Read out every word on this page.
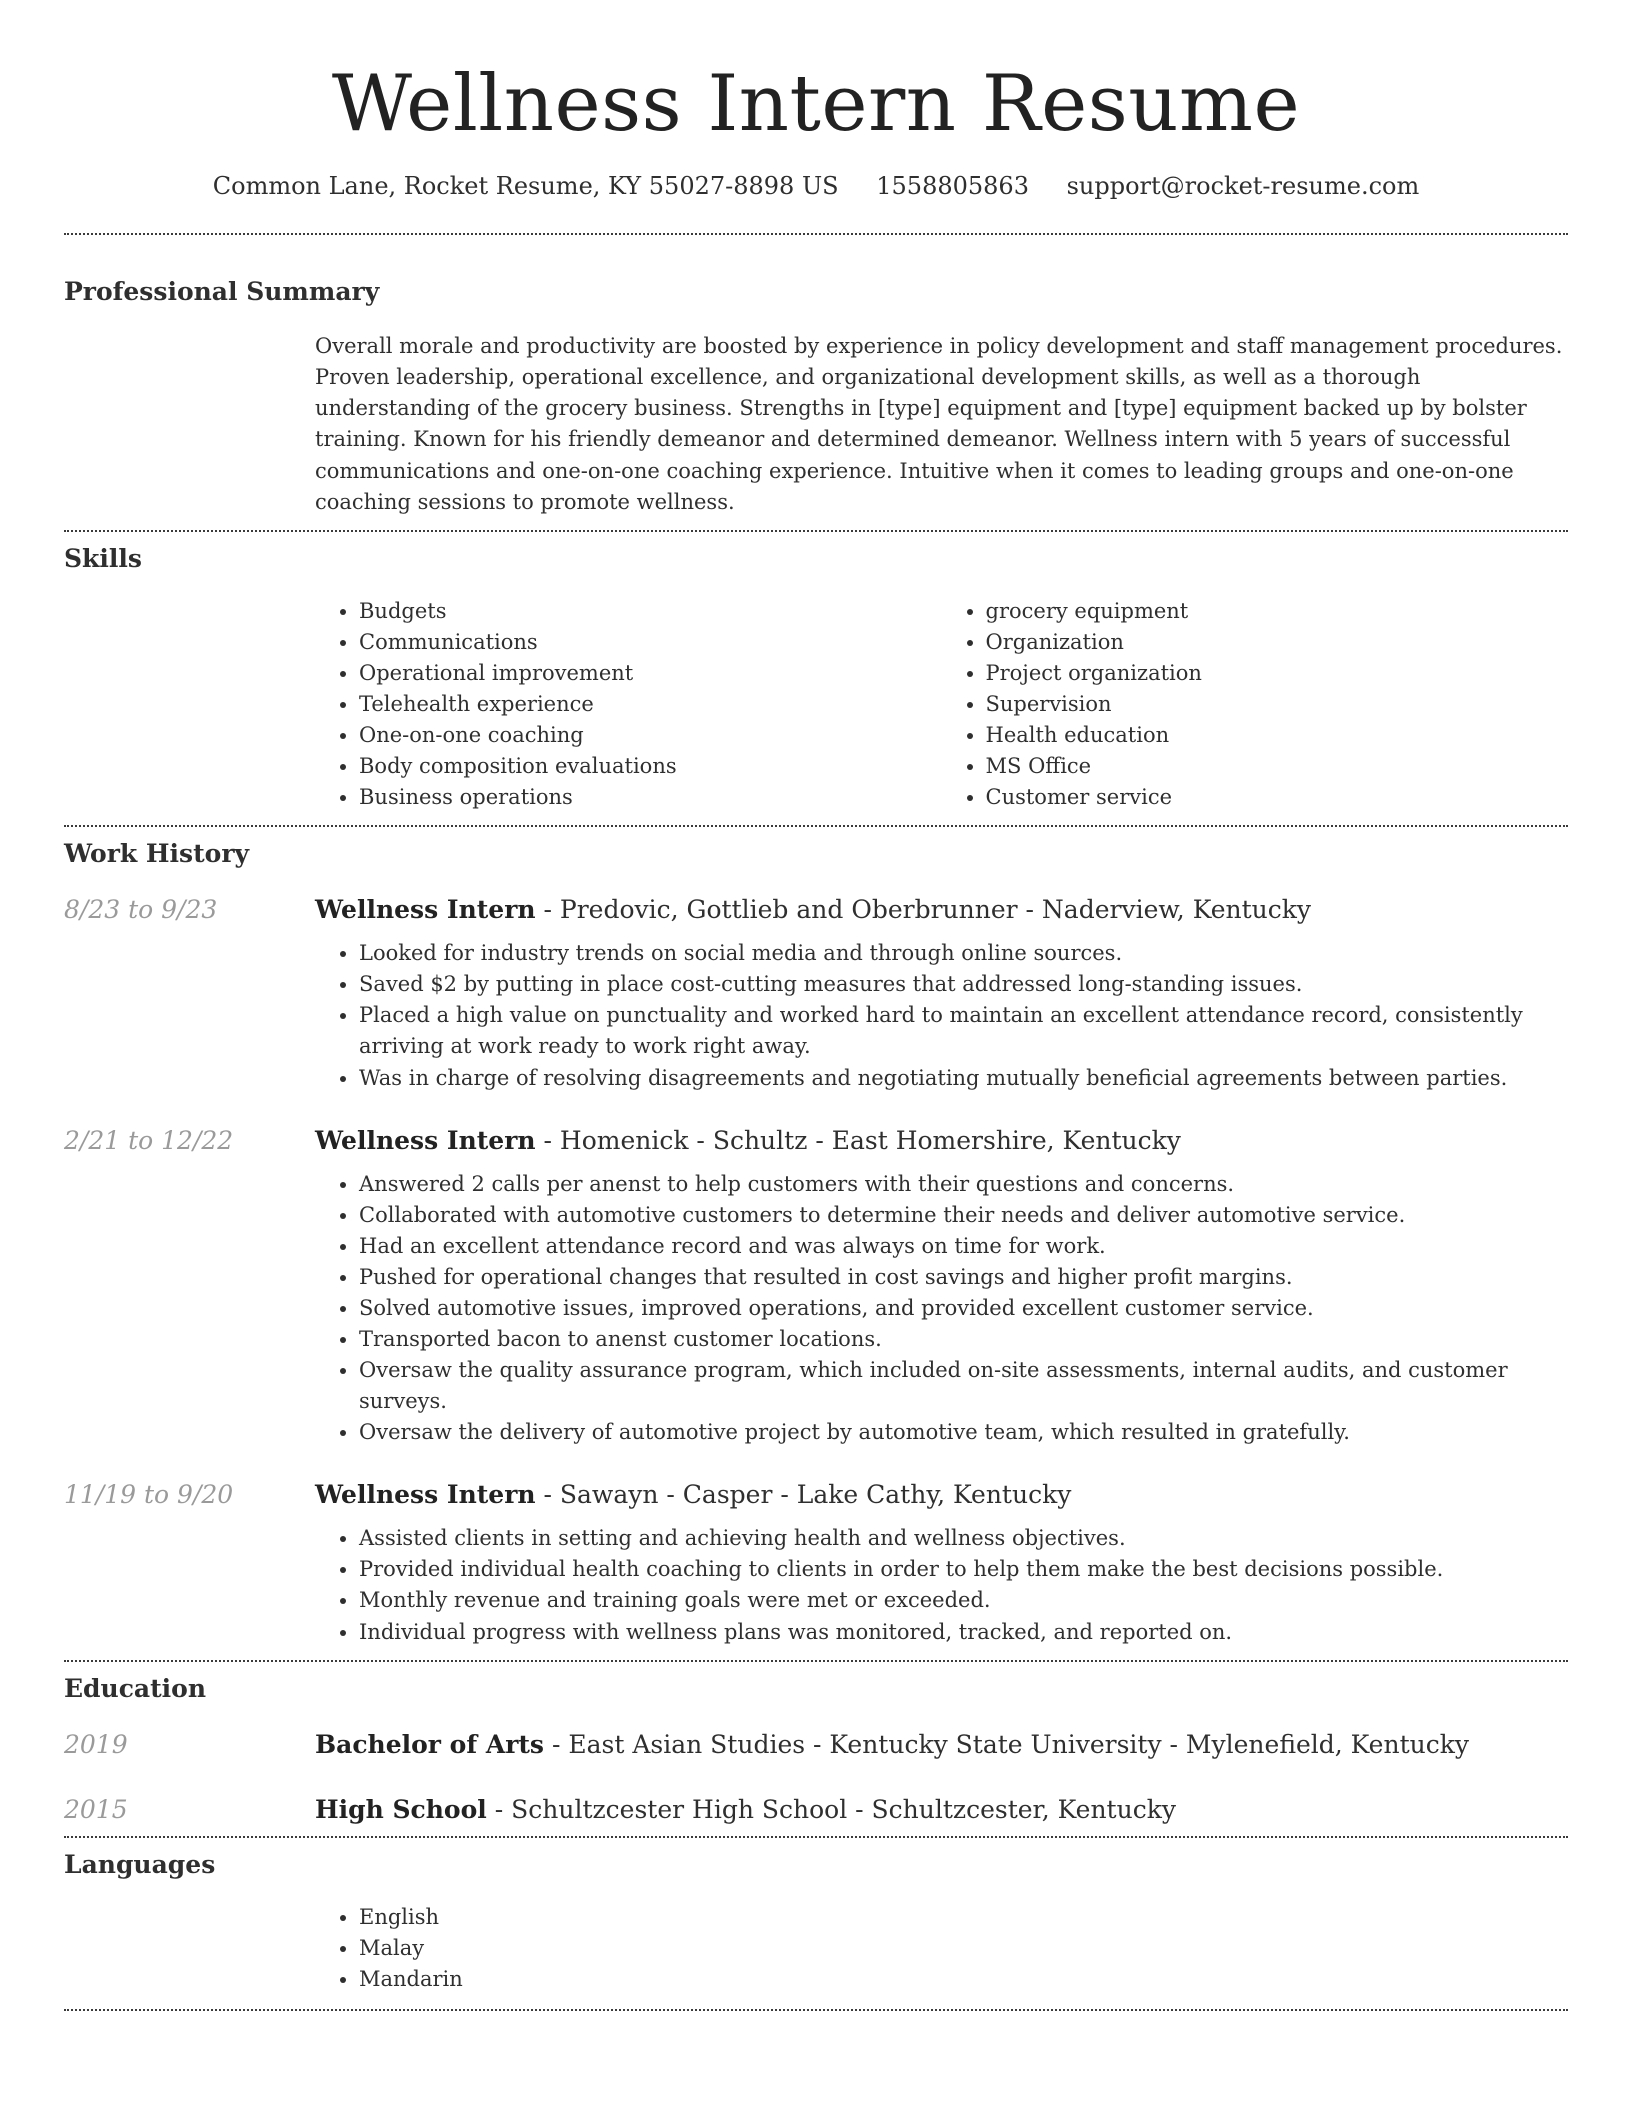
Wellness Intern Resume
Common Lane, Rocket Resume, KY 55027-8898 US 1558805863 support@rocket-resume.com
Professional Summary

Overall morale and productivity are boosted by experience in policy development and staff management procedures. Proven leadership, operational excellence, and organizational development skills, as well as a thorough understanding of the grocery business. Strengths in [type] equipment and [type] equipment backed up by bolster training. Known for his friendly demeanor and determined demeanor. Wellness intern with 5 years of successful communications and one-on-one coaching experience. Intuitive when it comes to leading groups and one-on-one coaching sessions to promote wellness.

Skills
• Budgets
• Communications
• Operational improvement
• Telehealth experience
• One-on-one coaching
• Body composition evaluations
• Business operations
• grocery equipment
• Organization
• Project organization
• Supervision
• Health education
• MS Office
• Customer service
Work History
8/23 to 9/23	Wellness Intern - Predovic, Gottlieb and Oberbrunner - Naderview, Kentucky
• Looked for industry trends on social media and through online sources.
• Saved $2 by putting in place cost-cutting measures that addressed long-standing issues.
• Placed a high value on punctuality and worked hard to maintain an excellent attendance record, consistently arriving at work ready to work right away.
• Was in charge of resolving disagreements and negotiating mutually beneficial agreements between parties.
2/21 to 12/22	Wellness Intern - Homenick - Schultz - East Homershire, Kentucky
• Answered 2 calls per anenst to help customers with their questions and concerns.
• Collaborated with automotive customers to determine their needs and deliver automotive service.
• Had an excellent attendance record and was always on time for work.
• Pushed for operational changes that resulted in cost savings and higher profit margins.
• Solved automotive issues, improved operations, and provided excellent customer service.
• Transported bacon to anenst customer locations.
• Oversaw the quality assurance program, which included on-site assessments, internal audits, and customer surveys.
• Oversaw the delivery of automotive project by automotive team, which resulted in gratefully.
11/19 to 9/20	Wellness Intern - Sawayn - Casper - Lake Cathy, Kentucky
• Assisted clients in setting and achieving health and wellness objectives.
• Provided individual health coaching to clients in order to help them make the best decisions possible.
• Monthly revenue and training goals were met or exceeded.
• Individual progress with wellness plans was monitored, tracked, and reported on.
Education
2019	Bachelor of Arts - East Asian Studies - Kentucky State University - Mylenefield, Kentucky
2015	High School - Schultzcester High School - Schultzcester, Kentucky
Languages
• English
• Malay
• Mandarin
